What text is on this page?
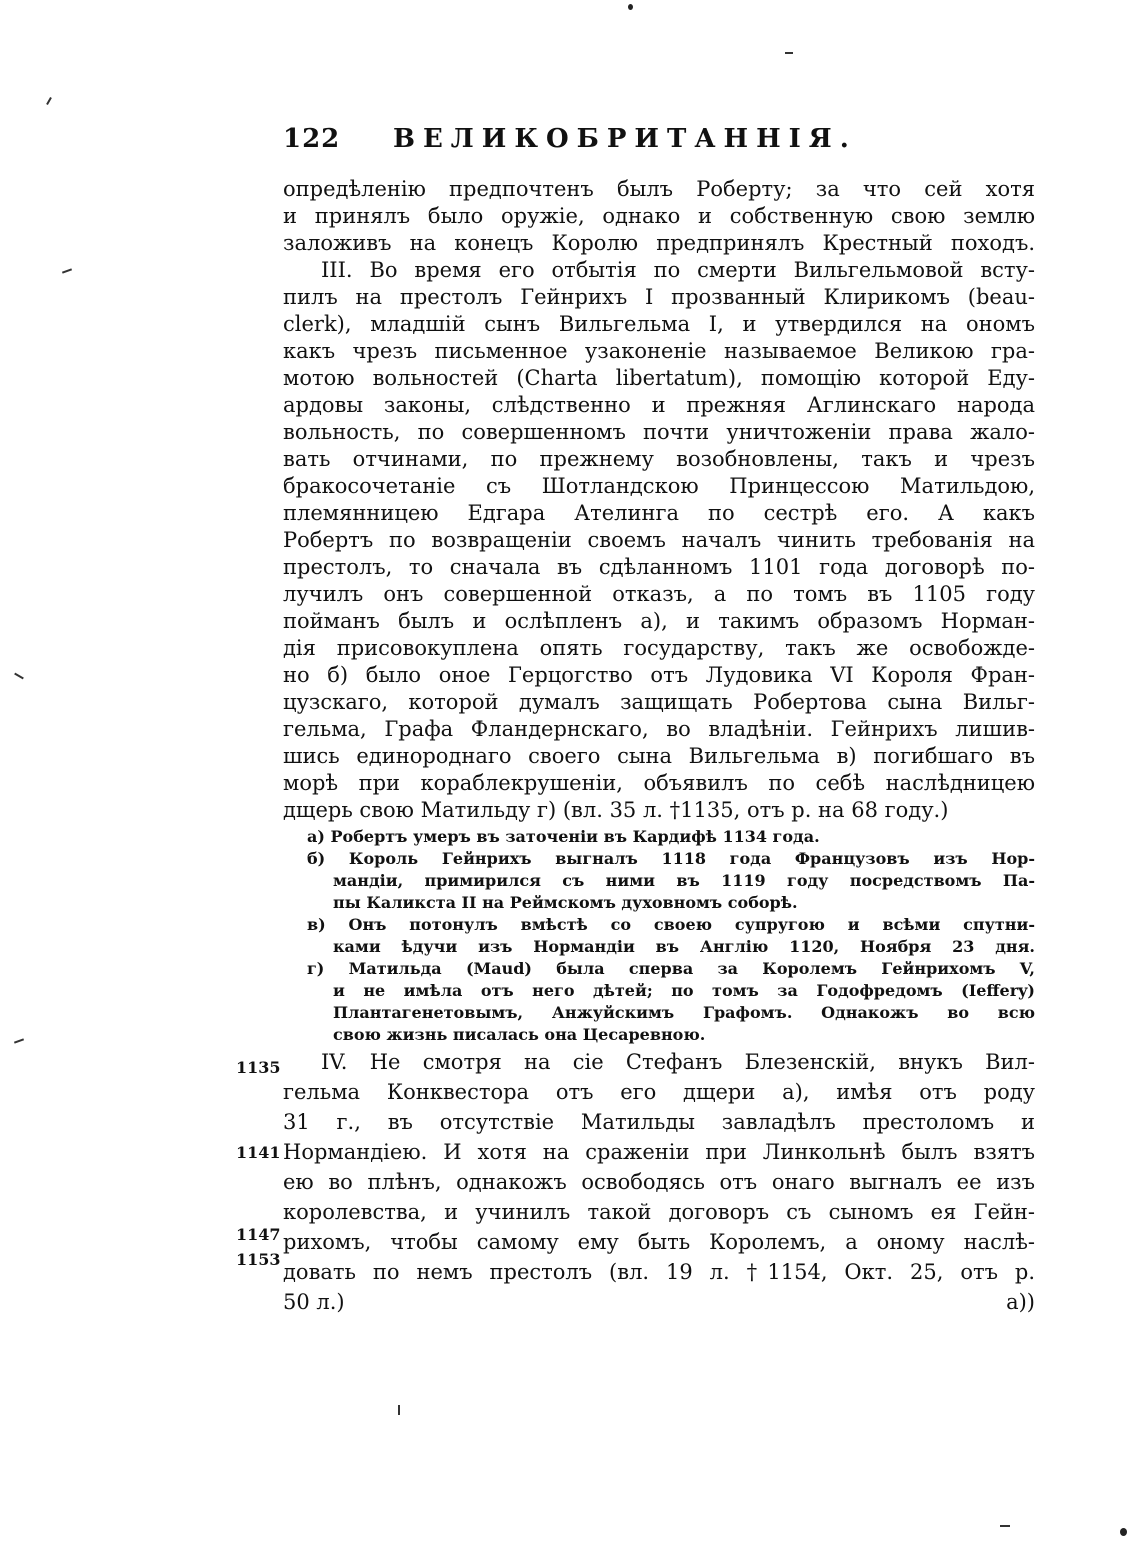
122 ВЕЛИКОБРИТАННІЯ.
опредѣленію предпочтенъ былъ Роберту; за что сей хотя
и принялъ было оружіе, однако и собственную свою землю
заложивъ на конецъ Королю предпринялъ Крестный походъ.
III. Во время его отбытія по смерти Вильгельмовой всту-
пилъ на престолъ Гейнрихъ I прозванный Клирикомъ (beau-
clerk), младшій сынъ Вильгельма I, и утвердился на ономъ
какъ чрезъ письменное узаконеніе называемое Великою гра-
мотою вольностей (Charta libertatum), помощію которой Еду-
ардовы законы, слѣдственно и прежняя Аглинскаго народа
вольность, по совершенномъ почти уничтоженіи права жало-
вать отчинами, по прежнему возобновлены, такъ и чрезъ
бракосочетаніе съ Шотландскою Принцессою Матильдою,
племянницею Едгара Ателинга по сестрѣ его. А какъ
Робертъ по возвращеніи своемъ началъ чинить требованія на
престолъ, то сначала въ сдѣланномъ 1101 года договорѣ по-
лучилъ онъ совершенной отказъ, а по томъ въ 1105 году
пойманъ былъ и ослѣпленъ а), и такимъ образомъ Норман-
дія присовокуплена опять государству, такъ же освобожде-
но б) было оное Герцогство отъ Лудовика VI Короля Фран-
цузскаго, которой думалъ защищать Робертова сына Вильг-
гельма, Графа Фландернскаго, во владѣніи. Гейнрихъ лишив-
шись единороднаго своего сына Вильгельма в) погибшаго въ
морѣ при кораблекрушеніи, объявилъ по себѣ наслѣдницею
дщерь свою Матильду г) (вл. 35 л. †1135, отъ р. на 68 году.)
а) Робертъ умеръ въ заточеніи въ Кардифѣ 1134 года.
б) Король Гейнрихъ выгналъ 1118 года Французовъ изъ Нор-
мандіи, примирился съ ними въ 1119 году посредствомъ Па-
пы Каликста II на Реймскомъ духовномъ соборѣ.
в) Онъ потонулъ вмѣстѣ со своею супругою и всѣми спутни-
ками ѣдучи изъ Нормандіи въ Англію 1120, Ноября 23 дня.
г) Матильда (Maud) была сперва за Королемъ Гейнрихомъ V,
и не имѣла отъ него дѣтей; по томъ за Годофредомъ (Ieffery)
Плантагенетовымъ, Анжуйскимъ Графомъ. Однакожъ во всю
свою жизнь писалась она Цесаревною.
IV. Не смотря на сіе Стефанъ Блезенскій, внукъ Вил-
гельма Конквестора отъ его дщери а), имѣя отъ роду
31 г., въ отсутствіе Матильды завладѣлъ престоломъ и
Нормандіею. И хотя на сраженіи при Линкольнѣ былъ взятъ
ею во плѣнъ, однакожъ освободясь отъ онаго выгналъ ее изъ
королевства, и учинилъ такой договоръ съ сыномъ ея Гейн-
рихомъ, чтобы самому ему быть Королемъ, а оному наслѣ-
довать по немъ престолъ (вл. 19 л. †1154, Окт. 25, отъ р.
50 л.)	а))
1135
1141
1147
1153
